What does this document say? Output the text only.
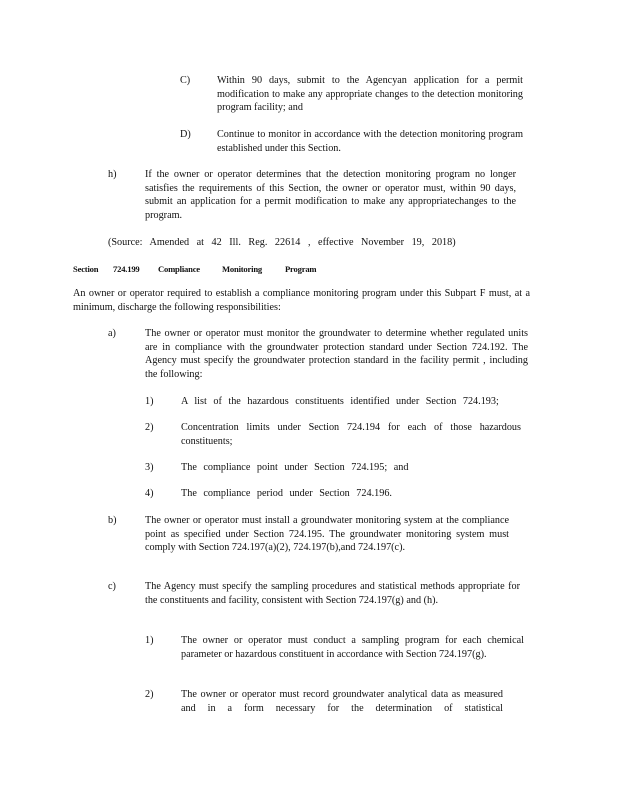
C)	Within 90 days, submit to the Agencyan application for a permit modification to make any appropriate changes to the detection monitoring program facility; and
D)	Continue to monitor in accordance with the detection monitoring program established under this Section.
h)	If the owner or operator determines that the detection monitoring program no longer satisfies the requirements of this Section, the owner or operator must, within 90 days, submit an application for a permit modification to make any appropriatechanges to the program.
(Source: Amended at 42 Ill. Reg. 22614 , effective November 19, 2018)
Section 724.199 Compliance	Monitoring	Program
An owner or operator required to establish a compliance monitoring program under this Subpart F must, at a minimum, discharge the following responsibilities:
a)	The owner or operator must monitor the groundwater to determine whether regulated units are in compliance with the groundwater protection standard under Section 724.192. The Agency must specify the groundwater protection standard in the facility permit , including the following:
1)	A list of the hazardous constituents identified under Section 724.193;
2)	Concentration limits under Section 724.194 for each of those hazardous constituents;
3)	The compliance point under Section 724.195; and
4)	The compliance period under Section 724.196.
b)	The owner or operator must install a groundwater monitoring system at the compliance point as specified under Section 724.195. The groundwater monitoring system must comply with Section 724.197(a)(2), 724.197(b),and 724.197(c).
c)	The Agency must specify the sampling procedures and statistical methods appropriate for the constituents and facility, consistent with Section 724.197(g) and (h).
1)	The owner or operator must conduct a sampling program for each chemical parameter or hazardous constituent in accordance with Section 724.197(g).
2)	The owner or operator must record groundwater analytical data as measured and in a form necessary for the determination of statistical
